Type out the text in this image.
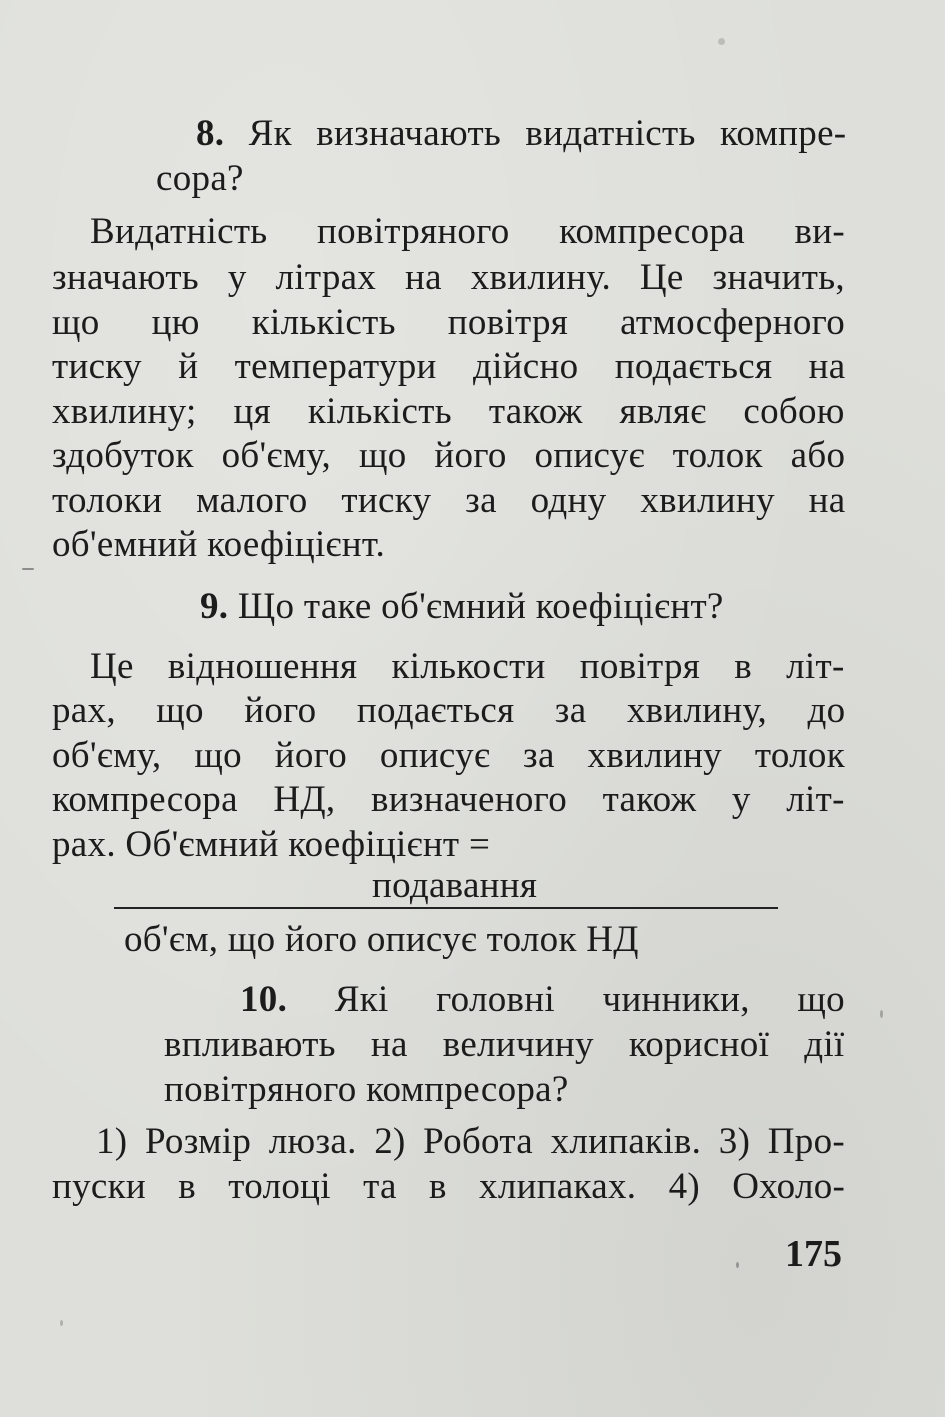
8. Як визначають видатність компре-
сора?
Видатність повітряного компресора ви-
значають у літрах на хвилину. Це значить,
що цю кількість повітря атмосферного
тиску й температури дійсно подається на
хвилину; ця кількість також являє собою
здобуток об'єму, що його описує толок або
толоки малого тиску за одну хвилину на
об'емний коефіцієнт.
9. Що таке об'ємний коефіцієнт?
Це відношення кількости повітря в літ-
рах, що його подається за хвилину, до
об'єму, що його описує за хвилину толок
компресора НД, визначеного також у літ-
рах. Об'ємний коефіцієнт =
подавання
об'єм, що його описує толок НД
10. Які головні чинники, що
впливають на величину корисної дії
повітряного компресора?
1) Розмір люза. 2) Робота хлипаків. 3) Про-
пуски в толоці та в хлипаках. 4) Охоло-
175
